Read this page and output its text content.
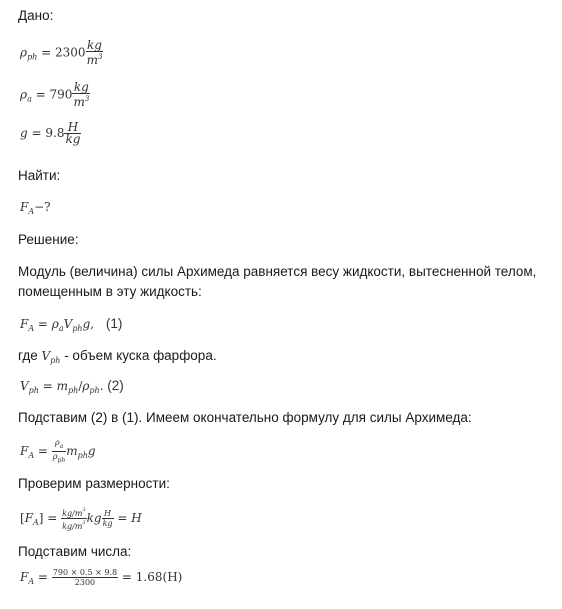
Дано:
$\rho_{ph} = 2300 \frac{kg}{m^3}$
$\rho_a = 790 \frac{kg}{m^3}$
$g = 9.8 \frac{H}{kg}$
Найти:
$F_A-$?
Решение:
Модуль (величина) силы Архимеда равняется весу жидкости, вытесненной телом,
помещенным в эту жидкость:
$F_A = \rho_aV_{ph}g$, (1)
где $V_{ph}$ - объем куска фарфора.
$V_{ph} = m_{ph}/\rho_{ph}$. (2)
Подставим (2) в (1). Имеем окончательно формулу для силы Архимеда:
$F_A = \frac{\rho_a}{\rho_{ph}} m_{ph}g$
Проверим размерности:
$[F_A] = \frac{kg/m^3}{kg/m^3}$ kg $\frac{H}{kg} = H$
Подставим числа:
$F_A = \frac{790 \times 0.5 \times 9.8}{2300} = 1.68(H)$
